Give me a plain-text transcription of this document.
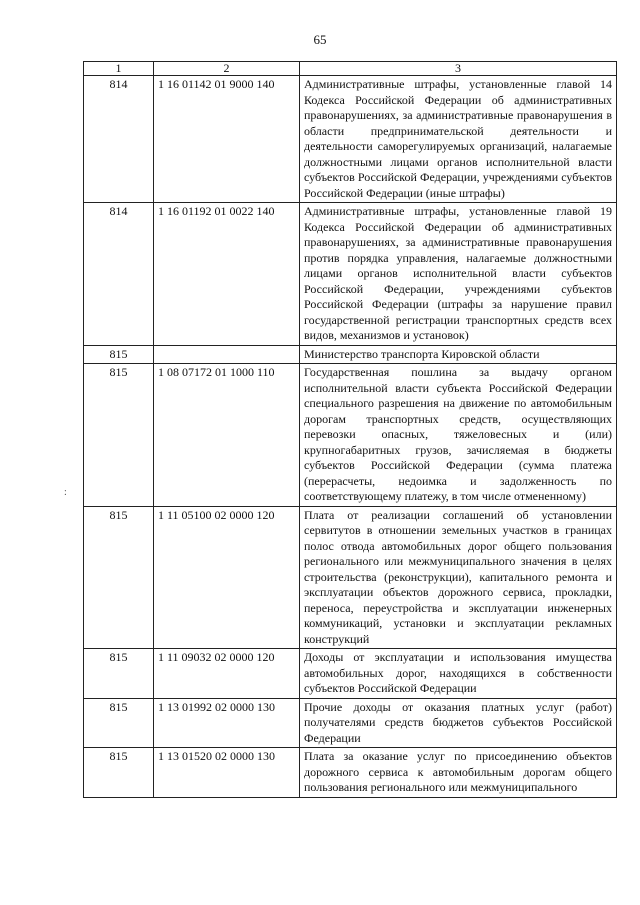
65
:
1	2	3
814	1 16 01142 01 9000 140	Административные штрафы, установленные главой 14 Кодекса Российской Федерации об административных правонарушениях, за административные правонарушения в области предпринимательской деятельности и деятельности саморегулируемых организаций, налагаемые должностными лицами органов исполнительной власти субъектов Российской Федерации, учреждениями субъектов Российской Федерации (иные штрафы)
814	1 16 01192 01 0022 140	Административные штрафы, установленные главой 19 Кодекса Российской Федерации об административных правонарушениях, за административные правонарушения против порядка управления, налагаемые должностными лицами органов исполнительной власти субъектов Российской Федерации, учреждениями субъектов Российской Федерации (штрафы за нарушение правил государственной регистрации транспортных средств всех видов, механизмов и установок)
815		Министерство транспорта Кировской области
815	1 08 07172 01 1000 110	Государственная пошлина за выдачу органом исполнительной власти субъекта Российской Федерации специального разрешения на движение по автомобильным дорогам транспортных средств, осуществляющих перевозки опасных, тяжеловесных и (или) крупногабаритных грузов, зачисляемая в бюджеты субъектов Российской Федерации (сумма платежа (перерасчеты, недоимка и задолженность по соответствующему платежу, в том числе отмененному)
815	1 11 05100 02 0000 120	Плата от реализации соглашений об установлении сервитутов в отношении земельных участков в границах полос отвода автомобильных дорог общего пользования регионального или межмуниципального значения в целях строительства (реконструкции), капитального ремонта и эксплуатации объектов дорожного сервиса, прокладки, переноса, переустройства и эксплуатации инженерных коммуникаций, установки и эксплуатации рекламных конструкций
815	1 11 09032 02 0000 120	Доходы от эксплуатации и использования имущества автомобильных дорог, находящихся в собственности субъектов Российской Федерации
815	1 13 01992 02 0000 130	Прочие доходы от оказания платных услуг (работ) получателями средств бюджетов субъектов Российской Федерации
815	1 13 01520 02 0000 130	Плата за оказание услуг по присоединению объектов дорожного сервиса к автомобильным дорогам общего пользования регионального или межмуниципального
